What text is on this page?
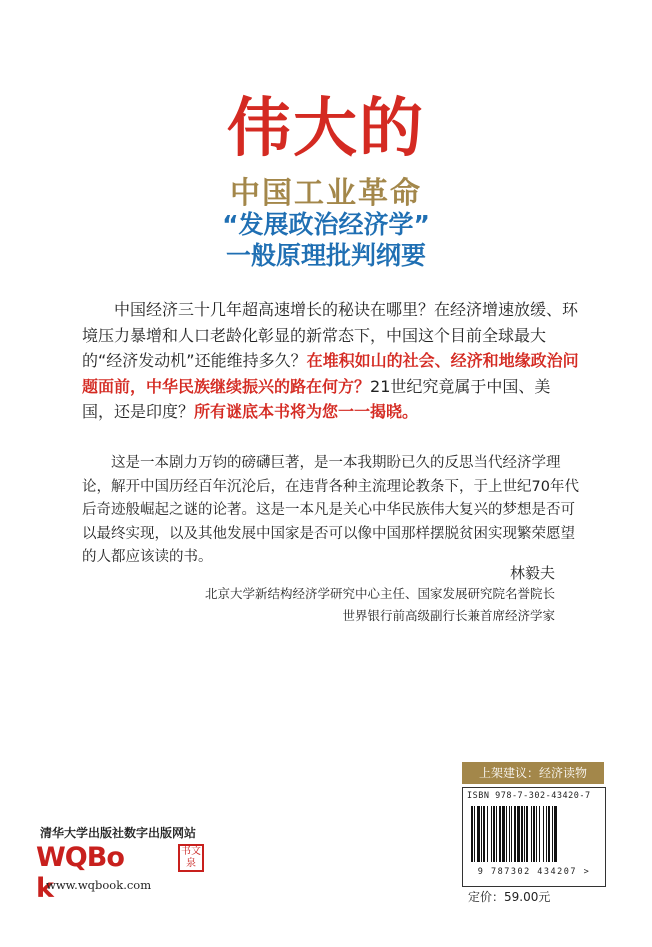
伟大的
中国工业革命
“发展政治经济学”
一般原理批判纲要
中国经济三十几年超高速增长的秘诀在哪里？在经济增速放缓、环境压力暴增和人口老龄化彰显的新常态下，中国这个目前全球最大的“经济发动机”还能维持多久？在堆积如山的社会、经济和地缘政治问题面前，中华民族继续振兴的路在何方？21世纪究竟属于中国、美国，还是印度？所有谜底本书将为您一一揭晓。
这是一本剧力万钧的磅礴巨著，是一本我期盼已久的反思当代经济学理论，解开中国历经百年沉沦后，在违背各种主流理论教条下，于上世纪70年代后奇迹般崛起之谜的论著。这是一本凡是关心中华民族伟大复兴的梦想是否可以最终实现，以及其他发展中国家是否可以像中国那样摆脱贫困实现繁荣愿望的人都应该读的书。
林毅夫
北京大学新结构经济学研究中心主任、国家发展研究院名誉院长
世界银行前高级副行长兼首席经济学家
上架建议：经济读物
ISBN 978-7-302-43420-7
9 787302 434207 >
定价：59.00元
清华大学出版社数字出版网站
WQBo k
书文泉
www.wqbook.com
